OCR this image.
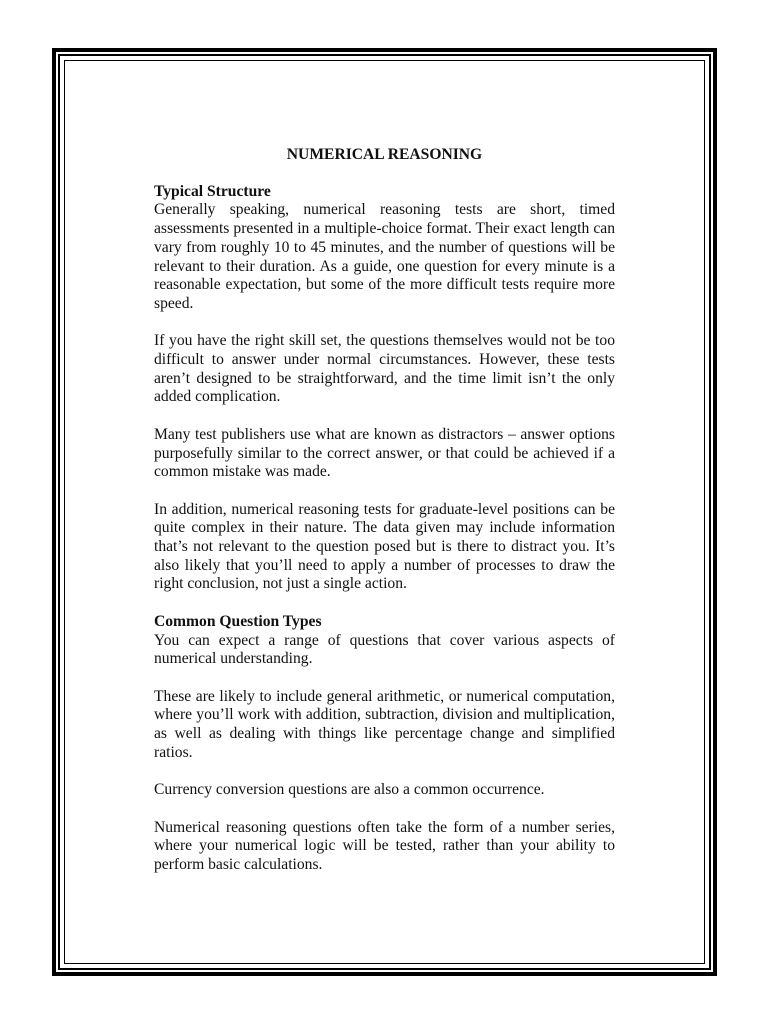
NUMERICAL REASONING

Typical Structure

Generally speaking, numerical reasoning tests are short, timed assessments presented in a multiple-choice format. Their exact length can vary from roughly 10 to 45 minutes, and the number of questions will be relevant to their duration. As a guide, one question for every minute is a reasonable expectation, but some of the more difficult tests require more speed.

If you have the right skill set, the questions themselves would not be too difficult to answer under normal circumstances. However, these tests aren’t designed to be straightforward, and the time limit isn’t the only added complication.

Many test publishers use what are known as distractors – answer options purposefully similar to the correct answer, or that could be achieved if a common mistake was made.

In addition, numerical reasoning tests for graduate-level positions can be quite complex in their nature. The data given may include information that’s not relevant to the question posed but is there to distract you. It’s also likely that you’ll need to apply a number of processes to draw the right conclusion, not just a single action.

Common Question Types

You can expect a range of questions that cover various aspects of numerical understanding.

These are likely to include general arithmetic, or numerical computation, where you’ll work with addition, subtraction, division and multiplication, as well as dealing with things like percentage change and simplified ratios.

Currency conversion questions are also a common occurrence.

Numerical reasoning questions often take the form of a number series, where your numerical logic will be tested, rather than your ability to perform basic calculations.
